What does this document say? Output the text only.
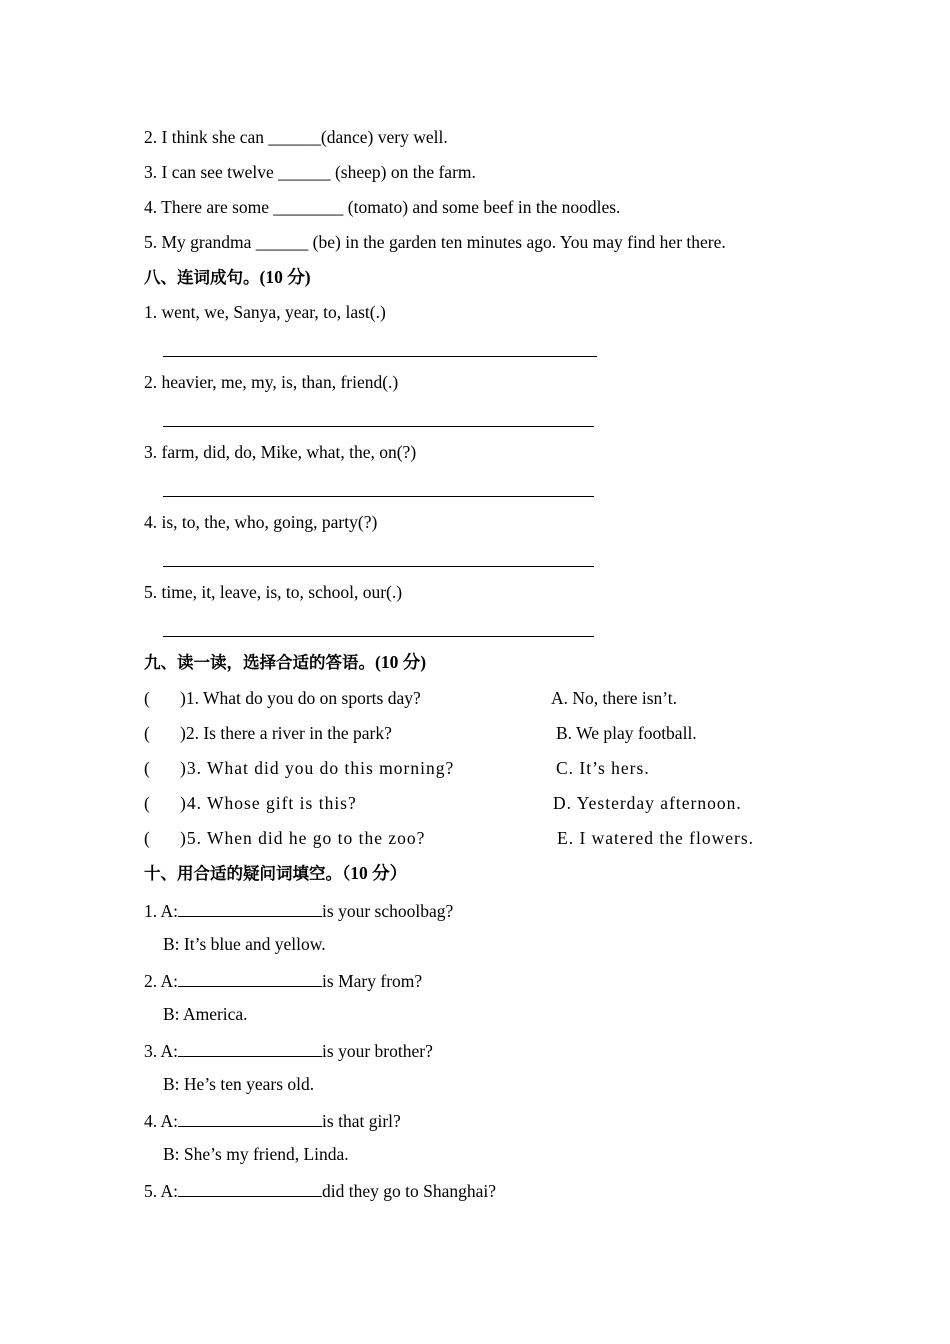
2. I think she can ______(dance) very well.
3. I can see twelve ______ (sheep) on the farm.
4. There are some ________ (tomato) and some beef in the noodles.
5. My grandma ______ (be) in the garden ten minutes ago. You may find her there.
八、连词成句。(10 分)
1. went, we, Sanya, year, to, last(.)
2. heavier, me, my, is, than, friend(.)
3. farm, did, do, Mike, what, the, on(?)
4. is, to, the, who, going, party(?)
5. time, it, leave, is, to, school, our(.)
九、读一读，选择合适的答语。(10 分)
( )1. What do you do on sports day?	A. No, there isn’t.
( )2. Is there a river in the park?	B. We play football.
( )3. What did you do this morning?	C. It’s hers.
( )4. Whose gift is this?	D. Yesterday afternoon.
( )5. When did he go to the zoo?	E. I watered the flowers.
十、用合适的疑问词填空。（10 分）
1. A:	is your schoolbag?
B: It’s blue and yellow.
2. A:	is Mary from?
B: America.
3. A:	is your brother?
B: He’s ten years old.
4. A:	is that girl?
B: She’s my friend, Linda.
5. A:	did they go to Shanghai?
